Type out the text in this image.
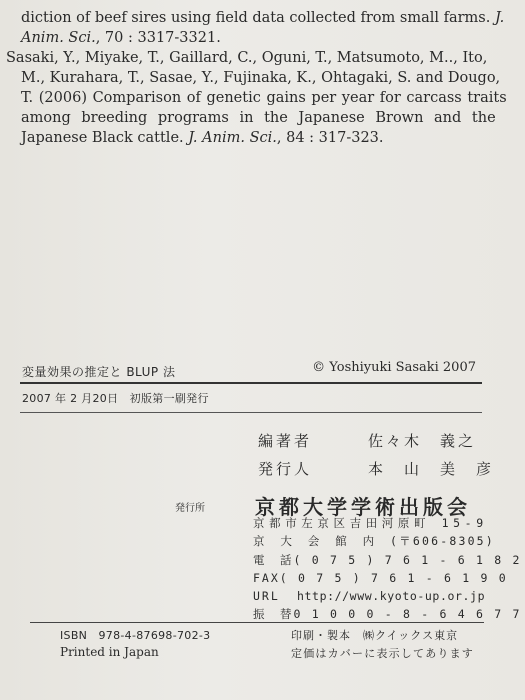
diction of beef sires using field data collected from small farms. J.
Anim. Sci., 70 : 3317-3321.
Sasaki, Y., Miyake, T., Gaillard, C., Oguni, T., Matsumoto, M.., Ito,
M., Kurahara, T., Sasae, Y., Fujinaka, K., Ohtagaki, S. and Dougo,
T. (2006) Comparison of genetic gains per year for carcass traits
among breeding programs in the Japanese Brown and the
Japanese Black cattle. J. Anim. Sci., 84 : 317-323.
変量効果の推定と BLUP 法	© Yoshiyuki Sasaki 2007
2007 年 2 月20日　初版第一刷発行
編著者	佐々木　義之
発行人	本　山　美　彦
発行所	京都大学学術出版会
京都市左京区吉田河原町 15-9
京　大　会　館　内　(〒606-8305)
電　話 ( 0 7 5 ) 7 6 1 - 6 1 8 2
FAX ( 0 7 5 ) 7 6 1 - 6 1 9 0
URL	http://www.kyoto-up.or.jp
振　替 0 1 0 0 0 - 8 - 6 4 6 7 7
ISBN　978-4-87698-702-3
Printed in Japan
印刷・製本　㈱クイックス東京
定価はカバーに表示してあります
